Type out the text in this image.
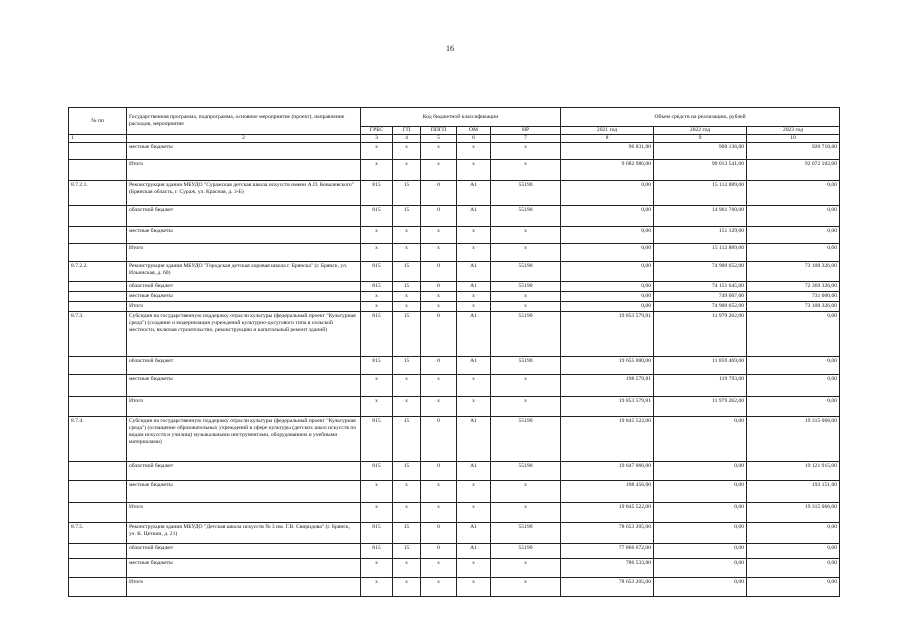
16
№ пп	Государственная программа, подпрограмма, основное мероприятие (проект), направление расходов, мероприятие	Код бюджетной классификации					Объем средств на реализацию, рублей		
		ГРБС	ГП	ППГП	ОМ	НР	2021 год	2022 год	2023 год
1	2	3	4	5	6	7	8	9	10
	местные бюджеты	х	х	х	х	х	96 831,00	900 136,00	920 718,00
	Итого	х	х	х	х	х	9 682 986,00	90 013 541,00	92 072 102,00
8.7.2.1.	Реконструкция здания МБУДО "Суражская детская школа искусств имени А.П. Ковалевского" (Брянская область, г. Сураж, ул. Красная, д. 3-Б)	815	15	0	А1	55190	0,00	15 112 889,00	0,00
	областной бюджет	815	15	0	А1	55190	0,00	14 961 760,00	0,00
	местные бюджеты	х	х	х	х	х	0,00	151 129,00	0,00
	Итого	х	х	х	х	х	0,00	15 112 889,00	0,00
8.7.2.2.	Реконструкция здания МБУДО "Городская детская хоровая школа г. Брянска" (г. Брянск, ул. Ильинская, д. 60)	815	15	0	А1	55190	0,00	74 900 652,00	73 100 326,00
	областной бюджет	815	15	0	А1	55190	0,00	74 151 645,00	72 369 326,00
	местные бюджеты	х	х	х	х	х	0,00	749 007,00	731 000,00
	Итого	х	х	х	х	х	0,00	74 900 652,00	73 100 326,00
8.7.3.	Субсидия на государственную поддержку отрасли культуры (федеральный проект "Культурная среда") (создание и модернизация учреждений культурно-досугового типа в сельской местности, включая строительство, реконструкцию и капитальный ремонт зданий)	815	15	0	А1	55190	19 853 579,81	11 979 262,00	0,00
	областной бюджет	815	15	0	А1	55190	19 655 000,00	11 859 469,00	0,00
	местные бюджеты	х	х	х	х	х	198 579,81	119 793,00	0,00
	Итого	х	х	х	х	х	19 853 579,81	11 979 262,00	0,00
8.7.4.	Субсидия на государственную поддержку отрасли культуры (федеральный проект "Культурная среда") (оснащение образовательных учреждений в сфере культуры (детских школ искусств по видам искусств и училищ) музыкальными инструментами, оборудованием и учебными материалами)	815	15	0	А1	55190	19 845 522,00	0,00	19 315 066,00
	областной бюджет	815	15	0	А1	55190	19 647 066,00	0,00	19 121 915,00
	местные бюджеты	х	х	х	х	х	198 456,00	0,00	193 151,00
	Итого	х	х	х	х	х	19 845 522,00	0,00	19 315 066,00
8.7.5.	Реконструкция здания МБУДО "Детская школа искусств № 3 им. Г.В. Свиридова" (г. Брянск, ул. К. Цеткин, д. 21)	815	15	0	А1	55190	78 653 205,00	0,00	0,00
	областной бюджет	815	15	0	А1	55190	77 866 672,00	0,00	0,00
	местные бюджеты	х	х	х	х	х	786 533,00	0,00	0,00
	Итого	х	х	х	х	х	78 653 205,00	0,00	0,00
